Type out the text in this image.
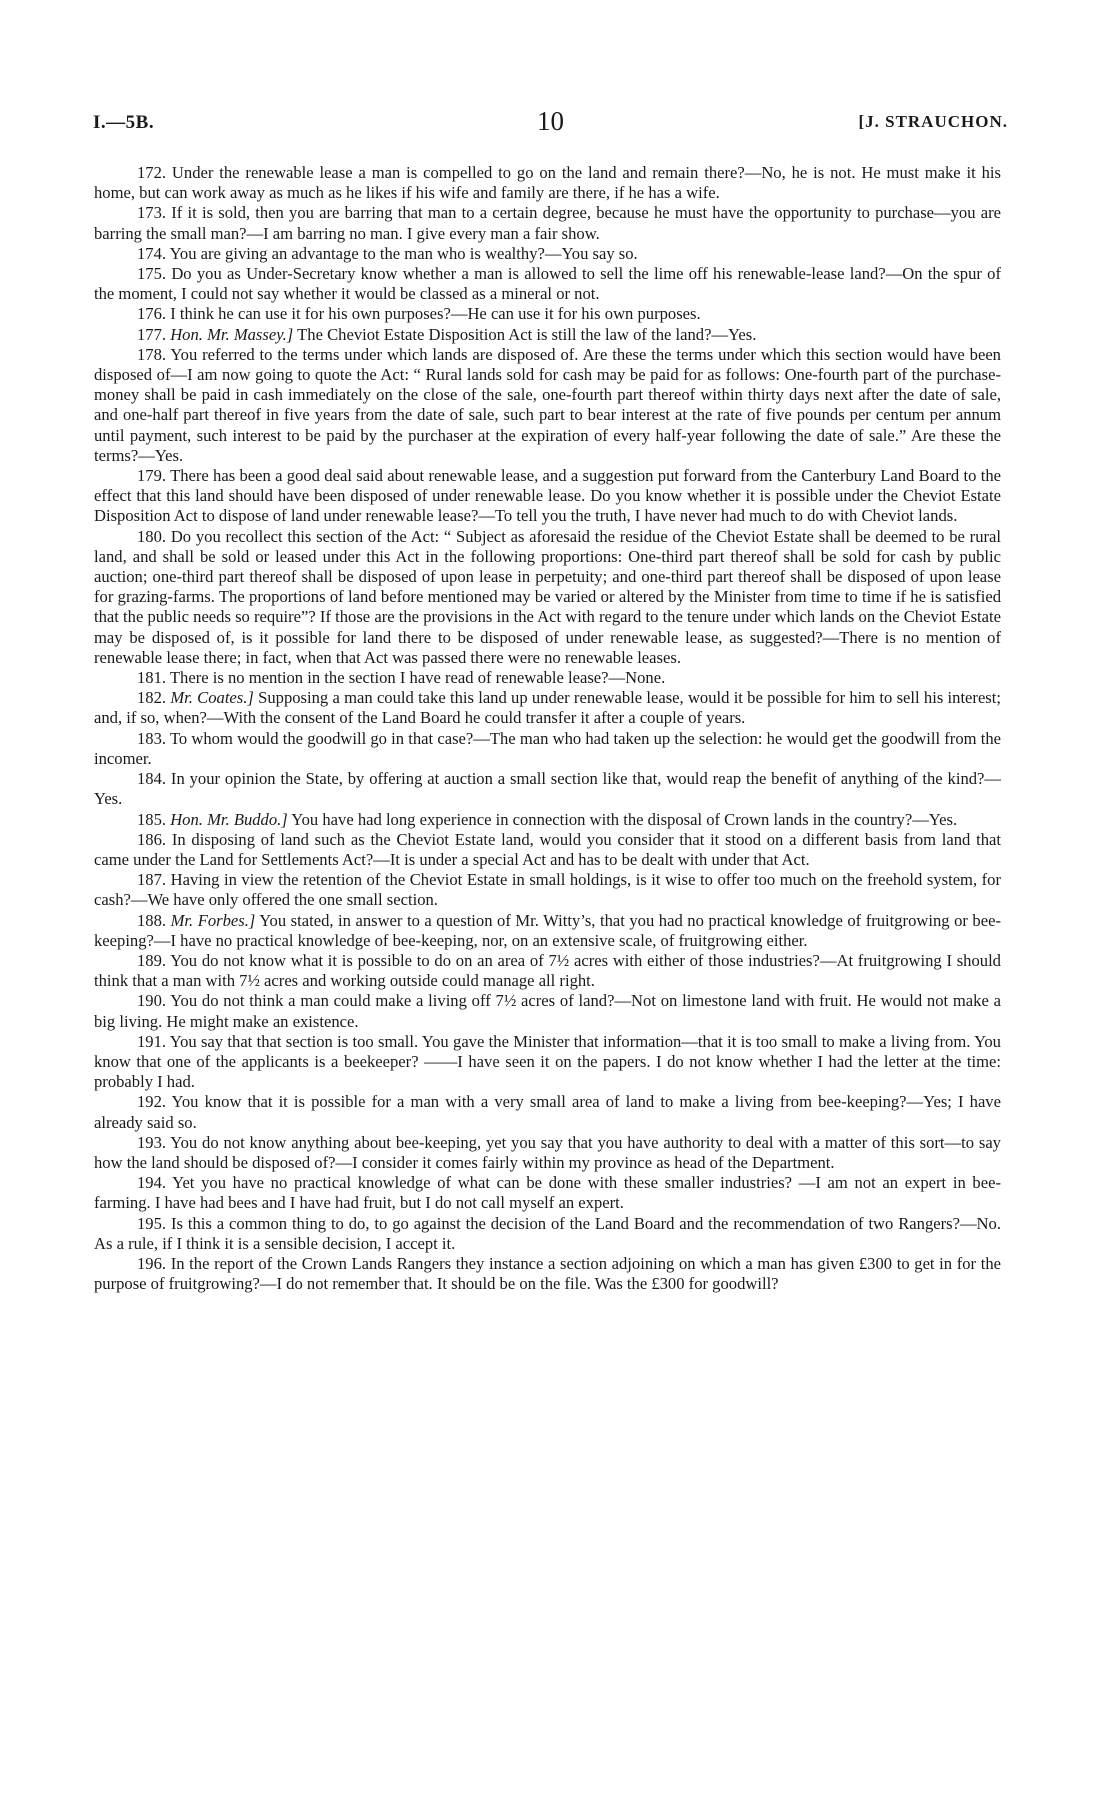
I.—5B.	10	[J. STRAUCHON.

172. Under the renewable lease a man is compelled to go on the land and remain there?—No, he is not. He must make it his home, but can work away as much as he likes if his wife and family are there, if he has a wife.

173. If it is sold, then you are barring that man to a certain degree, because he must have the opportunity to purchase—you are barring the small man?—I am barring no man. I give every man a fair show.

174. You are giving an advantage to the man who is wealthy?—You say so.

175. Do you as Under-Secretary know whether a man is allowed to sell the lime off his renewable-lease land?—On the spur of the moment, I could not say whether it would be classed as a mineral or not.

176. I think he can use it for his own purposes?—He can use it for his own purposes.

177. Hon. Mr. Massey.] The Cheviot Estate Disposition Act is still the law of the land?—Yes.

178. You referred to the terms under which lands are disposed of. Are these the terms under which this section would have been disposed of—I am now going to quote the Act: “ Rural lands sold for cash may be paid for as follows: One-fourth part of the purchase-money shall be paid in cash immediately on the close of the sale, one-fourth part thereof within thirty days next after the date of sale, and one-half part thereof in five years from the date of sale, such part to bear interest at the rate of five pounds per centum per annum until payment, such interest to be paid by the purchaser at the expiration of every half-year following the date of sale.” Are these the terms?—Yes.

179. There has been a good deal said about renewable lease, and a suggestion put forward from the Canterbury Land Board to the effect that this land should have been disposed of under renewable lease. Do you know whether it is possible under the Cheviot Estate Disposition Act to dispose of land under renewable lease?—To tell you the truth, I have never had much to do with Cheviot lands.

180. Do you recollect this section of the Act: “ Subject as aforesaid the residue of the Cheviot Estate shall be deemed to be rural land, and shall be sold or leased under this Act in the following proportions: One-third part thereof shall be sold for cash by public auction; one-third part thereof shall be disposed of upon lease in perpetuity; and one-third part thereof shall be disposed of upon lease for grazing-farms. The proportions of land before mentioned may be varied or altered by the Minister from time to time if he is satisfied that the public needs so require”? If those are the provisions in the Act with regard to the tenure under which lands on the Cheviot Estate may be disposed of, is it possible for land there to be disposed of under renewable lease, as suggested?—There is no mention of renewable lease there; in fact, when that Act was passed there were no renewable leases.

181. There is no mention in the section I have read of renewable lease?—None.

182. Mr. Coates.] Supposing a man could take this land up under renewable lease, would it be possible for him to sell his interest; and, if so, when?—With the consent of the Land Board he could transfer it after a couple of years.

183. To whom would the goodwill go in that case?—The man who had taken up the selection: he would get the goodwill from the incomer.

184. In your opinion the State, by offering at auction a small section like that, would reap the benefit of anything of the kind?—Yes.

185. Hon. Mr. Buddo.] You have had long experience in connection with the disposal of Crown lands in the country?—Yes.

186. In disposing of land such as the Cheviot Estate land, would you consider that it stood on a different basis from land that came under the Land for Settlements Act?—It is under a special Act and has to be dealt with under that Act.

187. Having in view the retention of the Cheviot Estate in small holdings, is it wise to offer too much on the freehold system, for cash?—We have only offered the one small section.

188. Mr. Forbes.] You stated, in answer to a question of Mr. Witty’s, that you had no practical knowledge of fruitgrowing or bee-keeping?—I have no practical knowledge of bee-keeping, nor, on an extensive scale, of fruitgrowing either.

189. You do not know what it is possible to do on an area of 7½ acres with either of those industries?—At fruitgrowing I should think that a man with 7½ acres and working outside could manage all right.

190. You do not think a man could make a living off 7½ acres of land?—Not on limestone land with fruit. He would not make a big living. He might make an existence.

191. You say that that section is too small. You gave the Minister that information—that it is too small to make a living from. You know that one of the applicants is a beekeeper? ——I have seen it on the papers. I do not know whether I had the letter at the time: probably I had.

192. You know that it is possible for a man with a very small area of land to make a living from bee-keeping?—Yes; I have already said so.

193. You do not know anything about bee-keeping, yet you say that you have authority to deal with a matter of this sort—to say how the land should be disposed of?—I consider it comes fairly within my province as head of the Department.

194. Yet you have no practical knowledge of what can be done with these smaller industries? —I am not an expert in bee-farming. I have had bees and I have had fruit, but I do not call myself an expert.

195. Is this a common thing to do, to go against the decision of the Land Board and the recommendation of two Rangers?—No. As a rule, if I think it is a sensible decision, I accept it.

196. In the report of the Crown Lands Rangers they instance a section adjoining on which a man has given £300 to get in for the purpose of fruitgrowing?—I do not remember that. It should be on the file. Was the £300 for goodwill?
